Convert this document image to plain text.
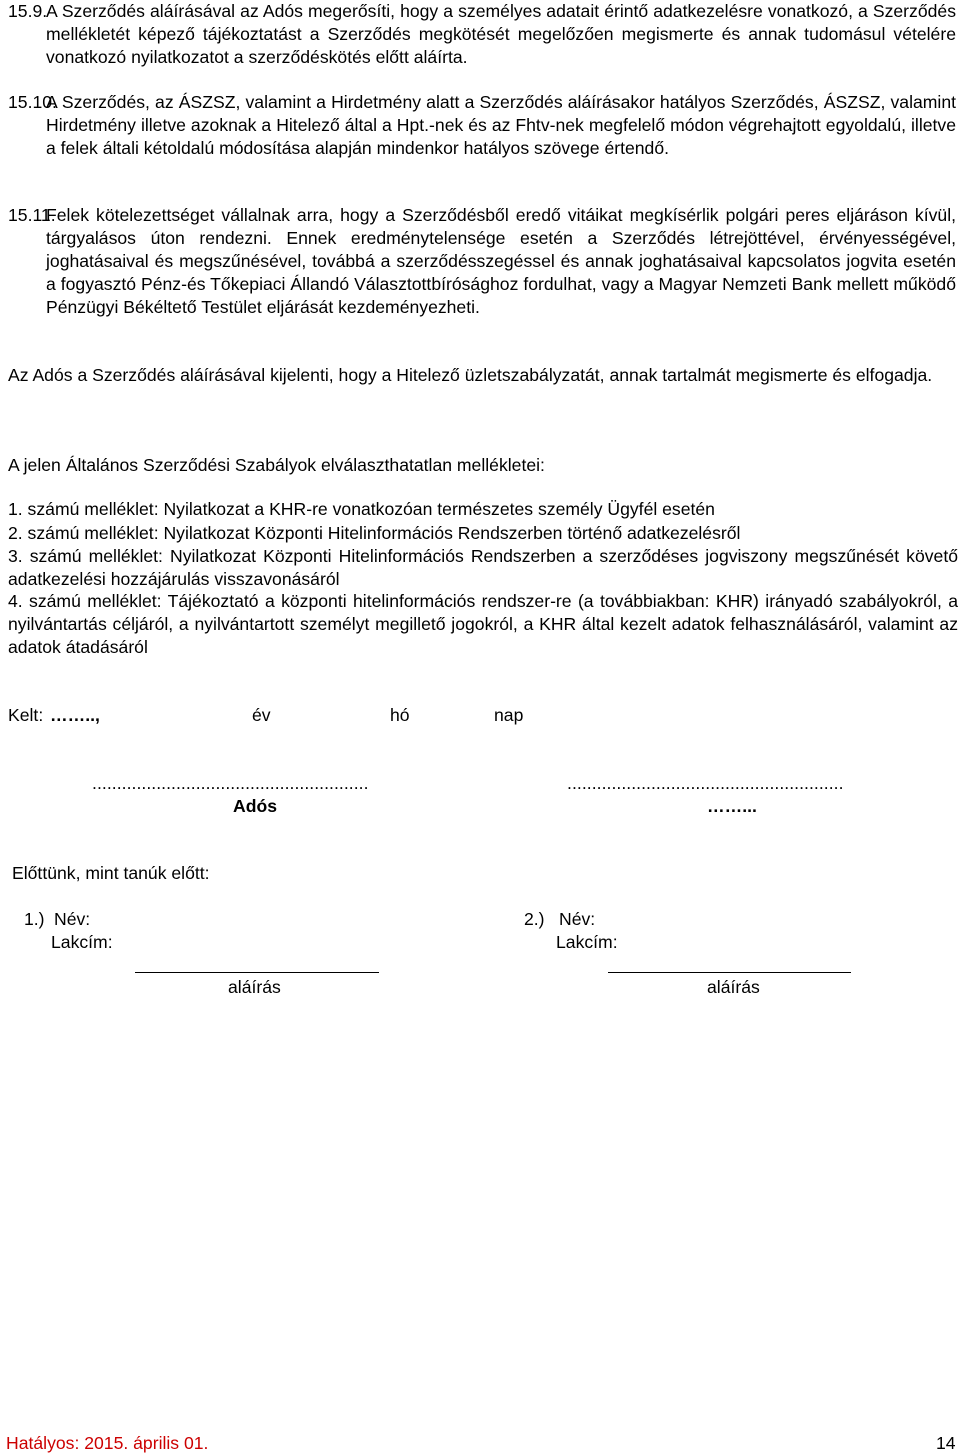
15.9.
A Szerződés aláírásával az Adós megerősíti, hogy a személyes adatait érintő adatkezelésre vonatkozó, a Szerződés mellékletét képező tájékoztatást a Szerződés megkötését megelőzően megismerte és annak tudomásul vételére vonatkozó nyilatkozatot a szerződéskötés előtt aláírta.
15.10.
A Szerződés, az ÁSZSZ, valamint a Hirdetmény alatt a Szerződés aláírásakor hatályos Szerződés, ÁSZSZ, valamint Hirdetmény illetve azoknak a Hitelező által a Hpt.-nek és az Fhtv-nek megfelelő módon végrehajtott egyoldalú, illetve a felek általi kétoldalú módosítása alapján mindenkor hatályos szövege értendő.
15.11.
Felek kötelezettséget vállalnak arra, hogy a Szerződésből eredő vitáikat megkísérlik polgári peres eljáráson kívül, tárgyalásos úton rendezni. Ennek eredménytelensége esetén a Szerződés létrejöttével, érvényességével, joghatásaival és megszűnésével, továbbá a szerződésszegéssel és annak joghatásaival kapcsolatos jogvita esetén a fogyasztó Pénz-és Tőkepiaci Állandó Választottbírósághoz fordulhat, vagy a Magyar Nemzeti Bank mellett működő Pénzügyi Békéltető Testület eljárását kezdeményezheti.
Az Adós a Szerződés aláírásával kijelenti, hogy a Hitelező üzletszabályzatát, annak tartalmát megismerte és elfogadja.
A jelen Általános Szerződési Szabályok elválaszthatatlan mellékletei:
1. számú melléklet: Nyilatkozat a KHR-re vonatkozóan természetes személy Ügyfél esetén
2. számú melléklet: Nyilatkozat Központi Hitelinformációs Rendszerben történő adatkezelésről
3. számú melléklet: Nyilatkozat Központi Hitelinformációs Rendszerben a szerződéses jogviszony megszűnését követő adatkezelési hozzájárulás visszavonásáról
4. számú melléklet: Tájékoztató a központi hitelinformációs rendszer-re (a továbbiakban: KHR) irányadó szabályokról, a nyilvántartás céljáról, a nyilvántartott személyt megillető jogokról, a KHR által kezelt adatok felhasználásáról, valamint az adatok átadásáról
Kelt: ……..,	év	hó	nap
........................................................
Adós
........................................................
……...
Előttünk, mint tanúk előtt:
1.) Név:
Lakcím:
aláírás
2.) Név:
Lakcím:
aláírás
Hatályos: 2015. április 01.	14
